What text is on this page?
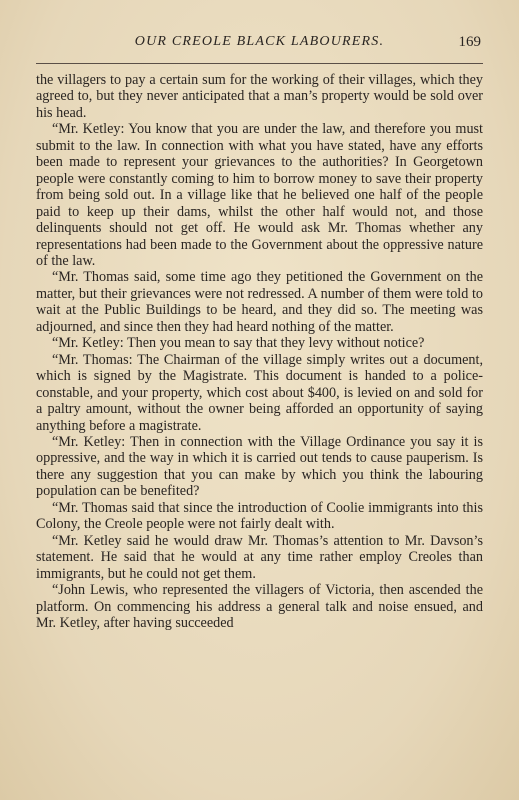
OUR CREOLE BLACK LABOURERS.	169

the villagers to pay a certain sum for the working of their villages, which they agreed to, but they never anticipated that a man’s property would be sold over his head.

“Mr. Ketley: You know that you are under the law, and therefore you must submit to the law. In connection with what you have stated, have any efforts been made to represent your grievances to the authorities? In Georgetown people were constantly coming to him to borrow money to save their property from being sold out. In a village like that he believed one half of the people paid to keep up their dams, whilst the other half would not, and those delinquents should not get off. He would ask Mr. Thomas whether any representations had been made to the Government about the oppressive nature of the law.

“Mr. Thomas said, some time ago they petitioned the Government on the matter, but their grievances were not redressed. A number of them were told to wait at the Public Buildings to be heard, and they did so. The meeting was adjourned, and since then they had heard nothing of the matter.

“Mr. Ketley: Then you mean to say that they levy without notice?

“Mr. Thomas: The Chairman of the village simply writes out a document, which is signed by the Magistrate. This document is handed to a police-constable, and your property, which cost about $400, is levied on and sold for a paltry amount, without the owner being afforded an opportunity of saying anything before a magistrate.

“Mr. Ketley: Then in connection with the Village Ordinance you say it is oppressive, and the way in which it is carried out tends to cause pauperism. Is there any suggestion that you can make by which you think the labouring population can be benefited?

“Mr. Thomas said that since the introduction of Coolie immigrants into this Colony, the Creole people were not fairly dealt with.

“Mr. Ketley said he would draw Mr. Thomas’s attention to Mr. Davson’s statement. He said that he would at any time rather employ Creoles than immigrants, but he could not get them.

“John Lewis, who represented the villagers of Victoria, then ascended the platform. On commencing his address a general talk and noise ensued, and Mr. Ketley, after having succeeded
